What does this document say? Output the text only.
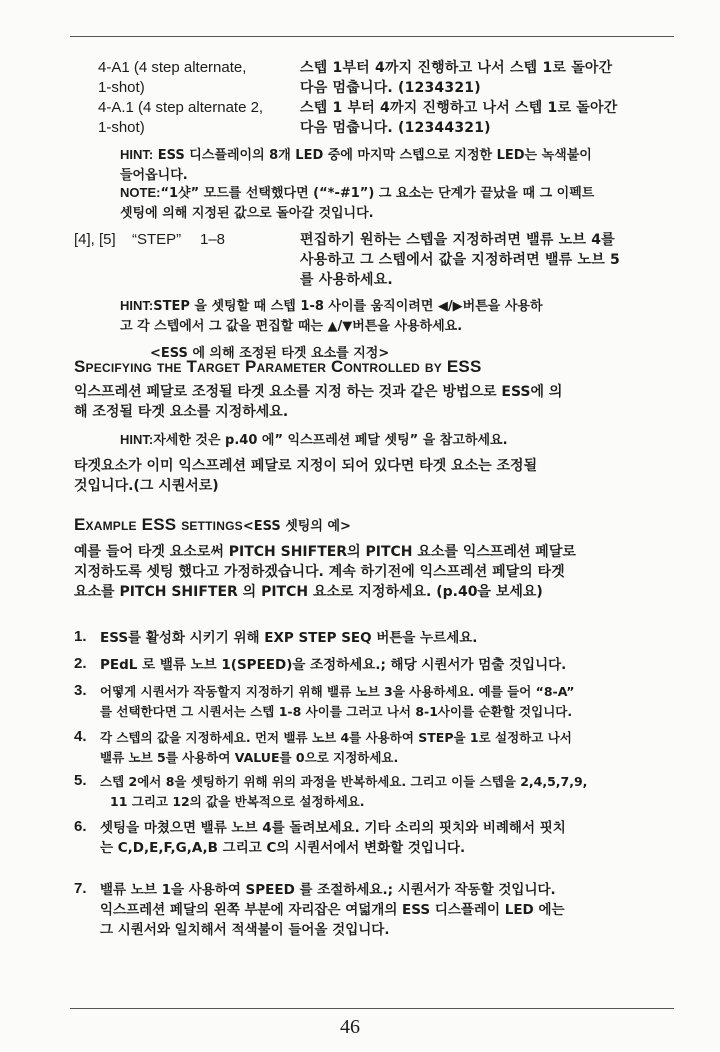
4-A1 (4 step alternate,
1-shot)
스텝 1부터 4까지 진행하고 나서 스텝 1로 돌아간
다음 멈춥니다. (1234321)
4-A.1 (4 step alternate 2,
1-shot)
스텝 1 부터 4까지 진행하고 나서 스텝 1로 돌아간
다음 멈춥니다. (12344321)
HINT: ESS 디스플레이의 8개 LED 중에 마지막 스텝으로 지정한 LED는 녹색불이
들어옵니다.
NOTE:“1샷” 모드를 선택했다면 (“*-#1”) 그 요소는 단계가 끝났을 때 그 이펙트
셋팅에 의해 지정된 값으로 돌아갈 것입니다.
[4], [5] “STEP” 1–8	편집하기 원하는 스텝을 지정하려면 밸류 노브 4를
사용하고 그 스텝에서 값을 지정하려면 밸류 노브 5
를 사용하세요.
HINT:STEP 을 셋팅할 때 스텝 1-8 사이를 움직이려면 ◀/▶버튼을 사용하
고 각 스텝에서 그 값을 편집할 때는 ▲/▼버튼을 사용하세요.
<ESS 에 의해 조정된 타겟 요소를 지정>
Specifying the Target Parameter Controlled by ESS
익스프레션 페달로 조정될 타겟 요소를 지정 하는 것과 같은 방법으로 ESS에 의
해 조정될 타겟 요소를 지정하세요.
HINT:자세한 것은 p.40 에” 익스프레션 페달 셋팅” 을 참고하세요.
타겟요소가 이미 익스프레션 페달로 지정이 되어 있다면 타겟 요소는 조정될
것입니다.(그 시퀀서로)
Example ESS settings<ESS 셋팅의 예>
예를 들어 타겟 요소로써 PITCH SHIFTER의 PITCH 요소를 익스프레션 페달로
지정하도록 셋팅 했다고 가정하겠습니다. 계속 하기전에 익스프레션 페달의 타겟
요소를 PITCH SHIFTER 의 PITCH 요소로 지정하세요. (p.40을 보세요)
1. ESS를 활성화 시키기 위해 EXP STEP SEQ 버튼을 누르세요.
2. PEdL 로 밸류 노브 1(SPEED)을 조정하세요.; 해당 시퀀서가 멈출 것입니다.
3. 어떻게 시퀀서가 작동할지 지정하기 위해 밸류 노브 3을 사용하세요. 예를 들어 “8-A”
를 선택한다면 그 시퀀서는 스텝 1-8 사이를 그러고 나서 8-1사이를 순환할 것입니다.
4. 각 스텝의 값을 지정하세요. 먼저 밸류 노브 4를 사용하여 STEP을 1로 설정하고 나서
밸류 노브 5를 사용하여 VALUE를 0으로 지정하세요.
5. 스텝 2에서 8을 셋팅하기 위해 위의 과정을 반복하세요. 그리고 이들 스텝을 2,4,5,7,9,
11 그리고 12의 값을 반복적으로 설정하세요.
6. 셋팅을 마쳤으면 밸류 노브 4를 돌려보세요. 기타 소리의 핏치와 비례해서 핏치
는 C,D,E,F,G,A,B 그리고 C의 시퀀서에서 변화할 것입니다.
7. 밸류 노브 1을 사용하여 SPEED 를 조절하세요.; 시퀀서가 작동할 것입니다.
익스프레션 페달의 왼쪽 부분에 자리잡은 여덟개의 ESS 디스플레이 LED 에는
그 시퀀서와 일치해서 적색불이 들어올 것입니다.
46
